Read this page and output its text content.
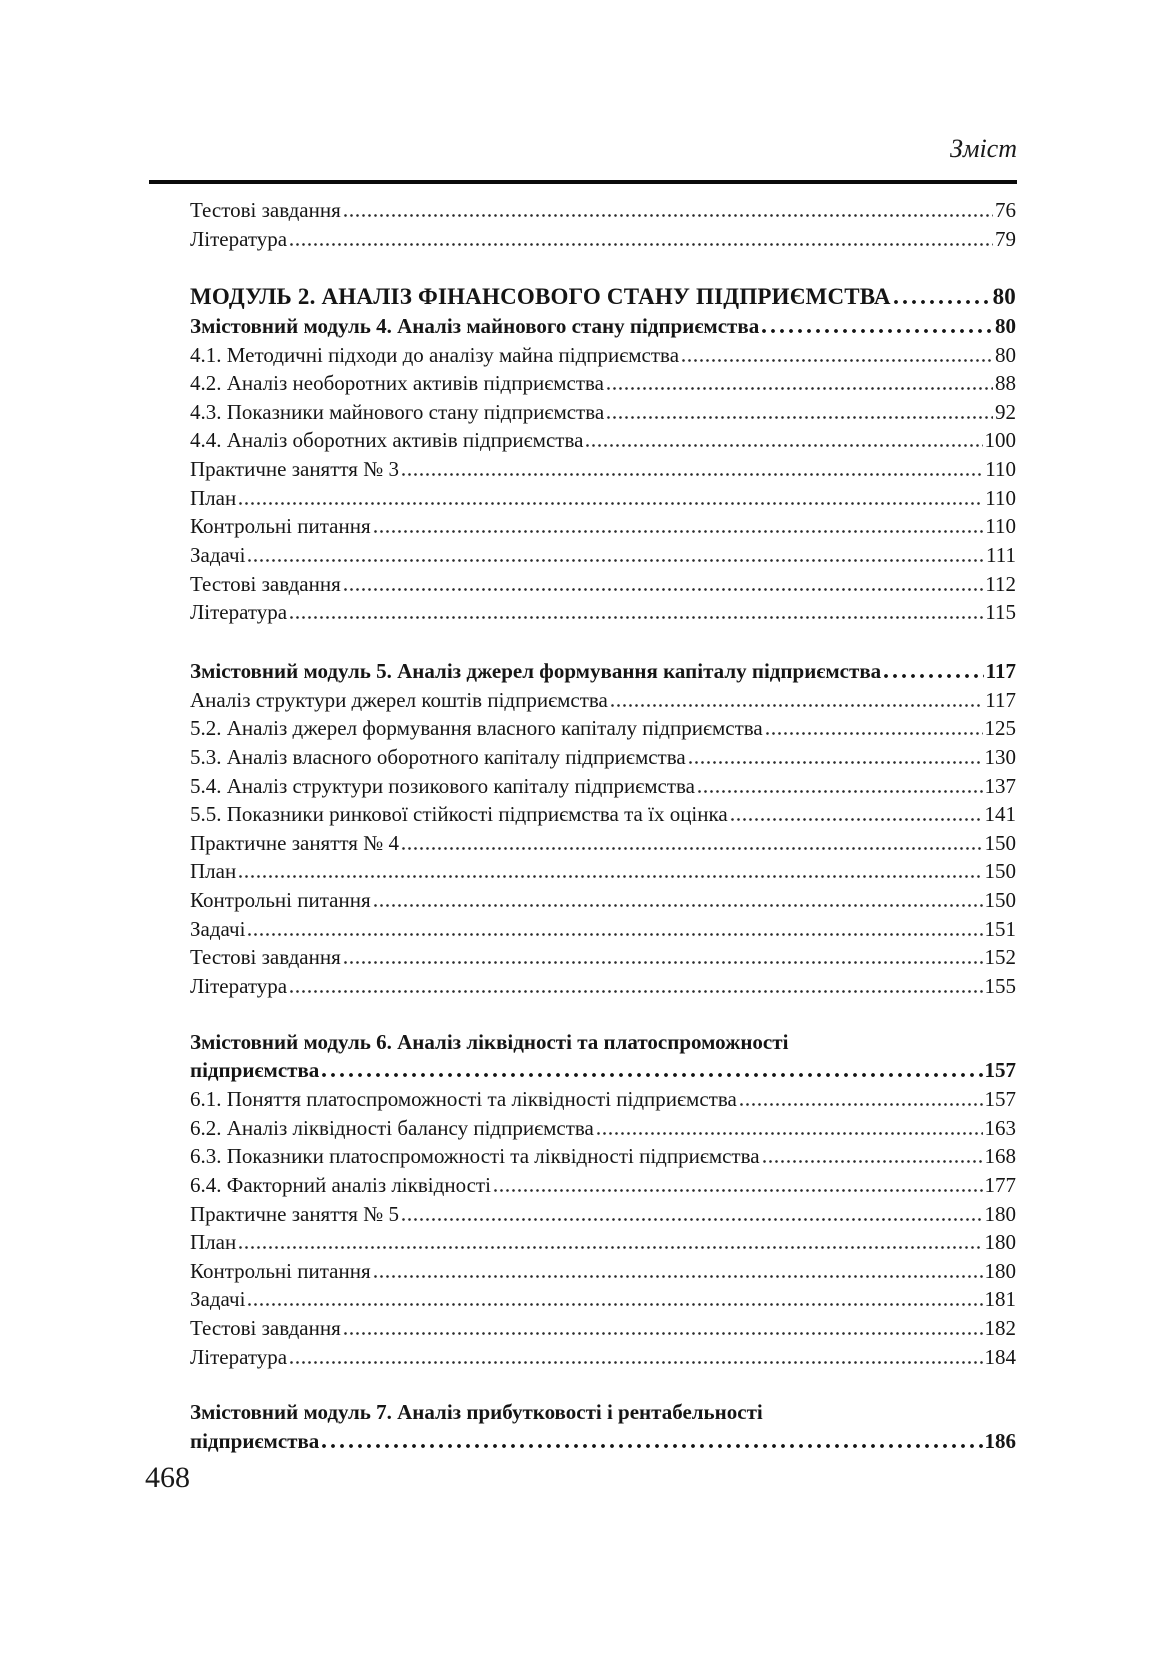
Зміст
Тестові завдання	76
Література	79
МОДУЛЬ 2. АНАЛІЗ ФІНАНСОВОГО СТАНУ ПІДПРИЄМСТВА	80
Змістовний модуль 4. Аналіз майнового стану підприємства	80
4.1. Методичні підходи до аналізу майна підприємства	80
4.2. Аналіз необоротних активів підприємства	88
4.3. Показники майнового стану підприємства	92
4.4. Аналіз оборотних активів підприємства	100
Практичне заняття № 3	110
План	110
Контрольні питання	110
Задачі	111
Тестові завдання	112
Література	115
Змістовний модуль 5. Аналіз джерел формування капіталу підприємства	117
Аналіз структури джерел коштів підприємства	117
5.2. Аналіз джерел формування власного капіталу підприємства	125
5.3. Аналіз власного оборотного капіталу підприємства	130
5.4. Аналіз структури позикового капіталу підприємства	137
5.5. Показники ринкової стійкості підприємства та їх оцінка	141
Практичне заняття № 4	150
План	150
Контрольні питання	150
Задачі	151
Тестові завдання	152
Література	155
Змістовний модуль 6. Аналіз ліквідності та платоспроможності
підприємства	157
6.1. Поняття платоспроможності та ліквідності підприємства	157
6.2. Аналіз ліквідності балансу підприємства	163
6.3. Показники платоспроможності та ліквідності підприємства	168
6.4. Факторний аналіз ліквідності	177
Практичне заняття № 5	180
План	180
Контрольні питання	180
Задачі	181
Тестові завдання	182
Література	184
Змістовний модуль 7. Аналіз прибутковості і рентабельності
підприємства	186
468
